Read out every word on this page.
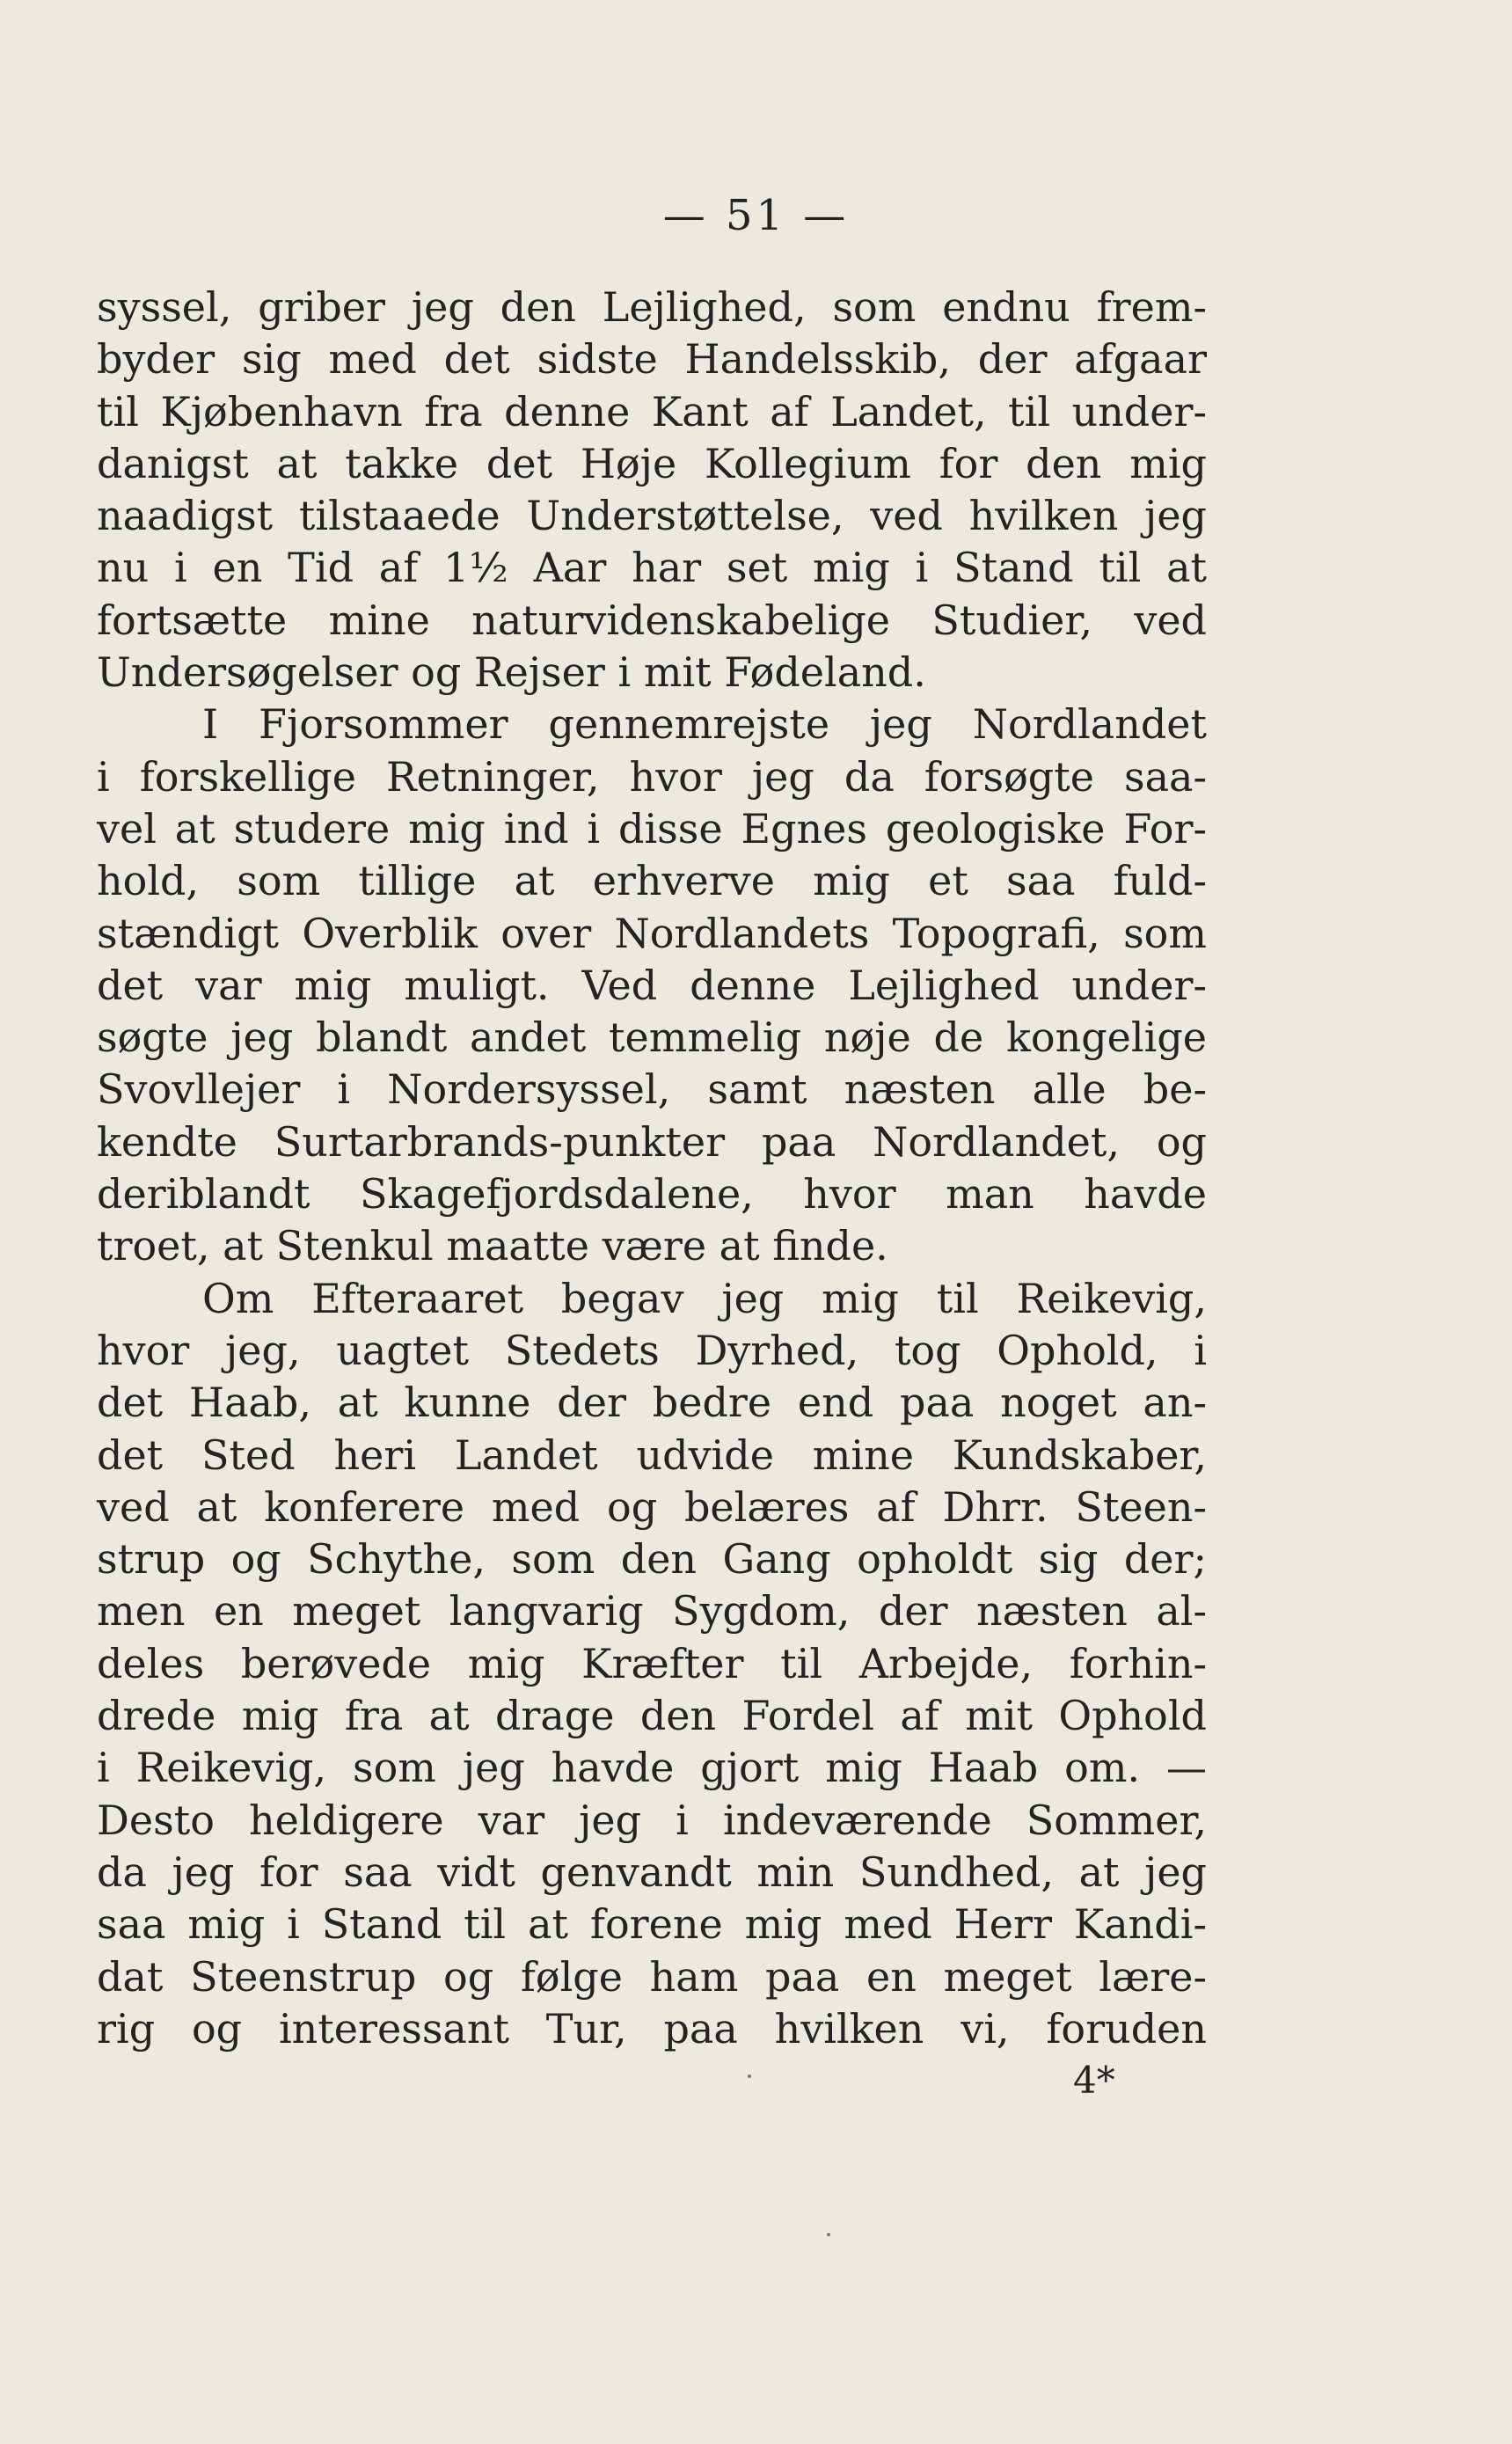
— 51 —
syssel, griber jeg den Lejlighed, som endnu frem-
byder sig med det sidste Handelsskib, der afgaar
til Kjøbenhavn fra denne Kant af Landet, til under-
danigst at takke det Høje Kollegium for den mig
naadigst tilstaaede Understøttelse, ved hvilken jeg
nu i en Tid af 1½ Aar har set mig i Stand til at
fortsætte mine naturvidenskabelige Studier, ved
Undersøgelser og Rejser i mit Fødeland.
I Fjorsommer gennemrejste jeg Nordlandet
i forskellige Retninger, hvor jeg da forsøgte saa-
vel at studere mig ind i disse Egnes geologiske For-
hold, som tillige at erhverve mig et saa fuld-
stændigt Overblik over Nordlandets Topografi, som
det var mig muligt. Ved denne Lejlighed under-
søgte jeg blandt andet temmelig nøje de kongelige
Svovllejer i Nordersyssel, samt næsten alle be-
kendte Surtarbrands-punkter paa Nordlandet, og
deriblandt Skagefjordsdalene, hvor man havde
troet, at Stenkul maatte være at finde.
Om Efteraaret begav jeg mig til Reikevig,
hvor jeg, uagtet Stedets Dyrhed, tog Ophold, i
det Haab, at kunne der bedre end paa noget an-
det Sted heri Landet udvide mine Kundskaber,
ved at konferere med og belæres af Dhrr. Steen-
strup og Schythe, som den Gang opholdt sig der;
men en meget langvarig Sygdom, der næsten al-
deles berøvede mig Kræfter til Arbejde, forhin-
drede mig fra at drage den Fordel af mit Ophold
i Reikevig, som jeg havde gjort mig Haab om. —
Desto heldigere var jeg i indeværende Sommer,
da jeg for saa vidt genvandt min Sundhed, at jeg
saa mig i Stand til at forene mig med Herr Kandi-
dat Steenstrup og følge ham paa en meget lære-
rig og interessant Tur, paa hvilken vi, foruden
4*
